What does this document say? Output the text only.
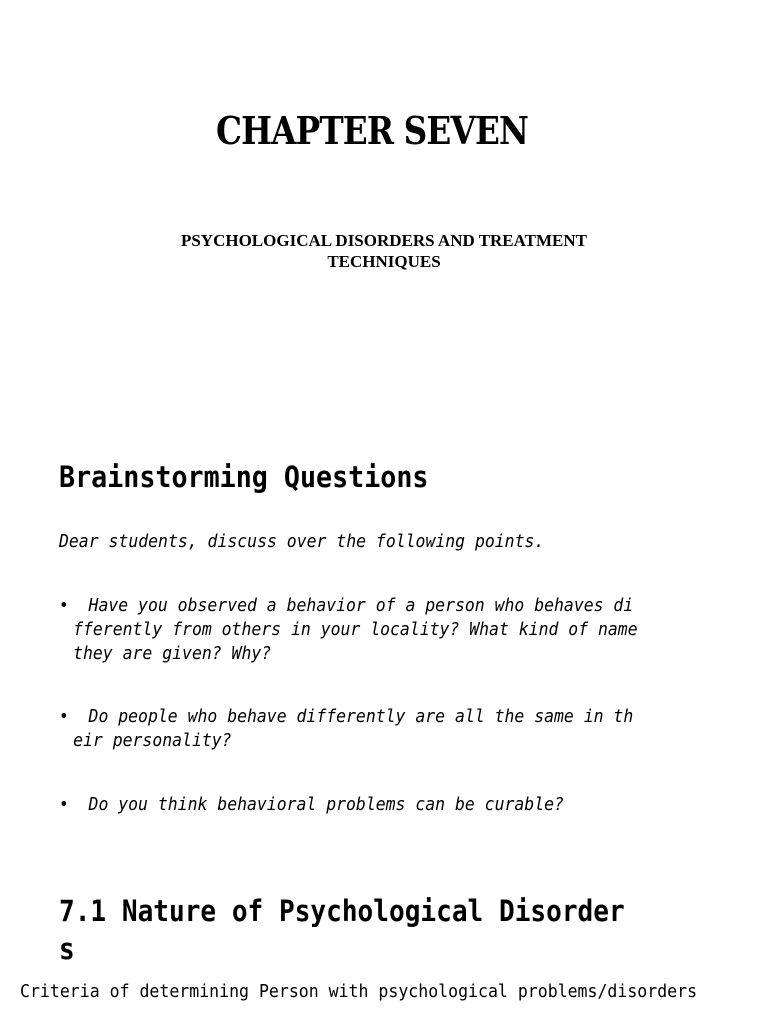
CHAPTER SEVEN
PSYCHOLOGICAL DISORDERS AND TREATMENT
TECHNIQUES
Brainstorming Questions

Dear students, discuss over the following points.

• Have you observed a behavior of a person who behaves di
fferently from others in your locality? What kind of name
they are given? Why?
• Do people who behave differently are all the same in th
eir personality?
• Do you think behavioral problems can be curable?
7.1 Nature of Psychological Disorder
s

Criteria of determining Person with psychological problems/disorders
